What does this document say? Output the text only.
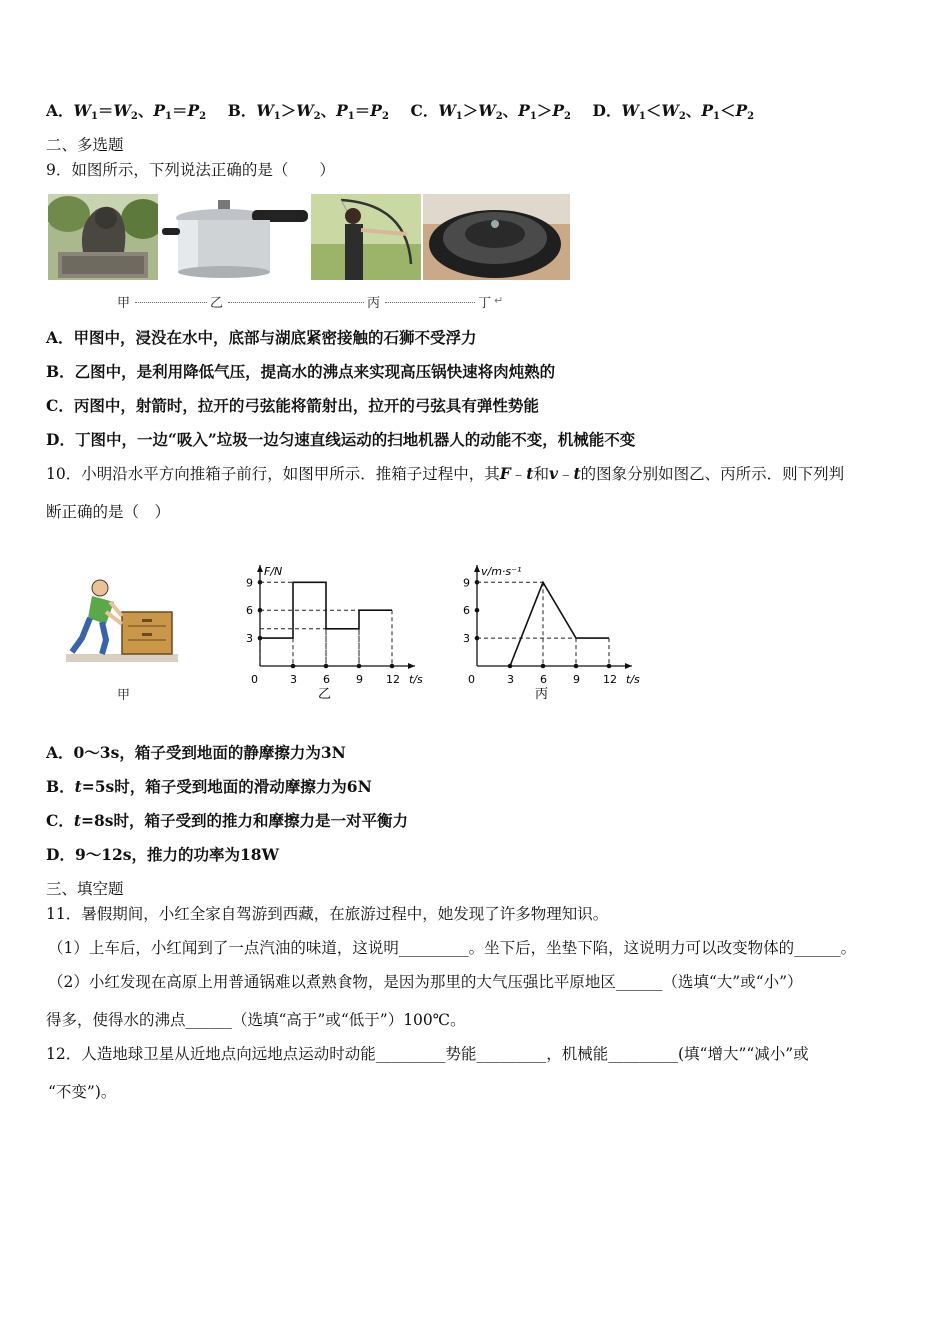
A．$W_1=W_2$、$P_1=P_2$ B．$W_1>W_2$、$P_1=P_2$ C．$W_1>W_2$、$P_1>P_2$ D．$W_1<W_2$、$P_1<P_2$
二、多选题
9．如图所示，下列说法正确的是（　　）
甲	乙	丙	丁 ↵
A．甲图中，浸没在水中，底部与湖底紧密接触的石狮不受浮力
B．乙图中，是利用降低气压，提高水的沸点来实现高压锅快速将肉炖熟的
C．丙图中，射箭时，拉开的弓弦能将箭射出，拉开的弓弦具有弹性势能
D．丁图中，一边“吸入”垃圾一边匀速直线运动的扫地机器人的动能不变，机械能不变
10．小明沿水平方向推箱子前行，如图甲所示．推箱子过程中，其F﹣t和v﹣t的图象分别如图乙、丙所示．则下列判
断正确的是（　）
甲
F/N
t/s
0	3 6 9 12
3
6
9
乙
v/m·s⁻¹
t/s
0	3 6 9 12
3
6
9
丙
A．0～3s，箱子受到地面的静摩擦力为3N
B．t=5s时，箱子受到地面的滑动摩擦力为6N
C．t=8s时，箱子受到的推力和摩擦力是一对平衡力
D．9～12s，推力的功率为18W
三、填空题
11．暑假期间，小红全家自驾游到西藏，在旅游过程中，她发现了许多物理知识。
（1）上车后，小红闻到了一点汽油的味道，这说明_________。坐下后，坐垫下陷，这说明力可以改变物体的______。
（2）小红发现在高原上用普通锅难以煮熟食物，是因为那里的大气压强比平原地区______（选填“大”或“小”）
得多，使得水的沸点______（选填“高于”或“低于”）100℃。
12．人造地球卫星从近地点向远地点运动时动能_________势能_________，机械能_________(填“增大”“减小”或
“不变”)。
